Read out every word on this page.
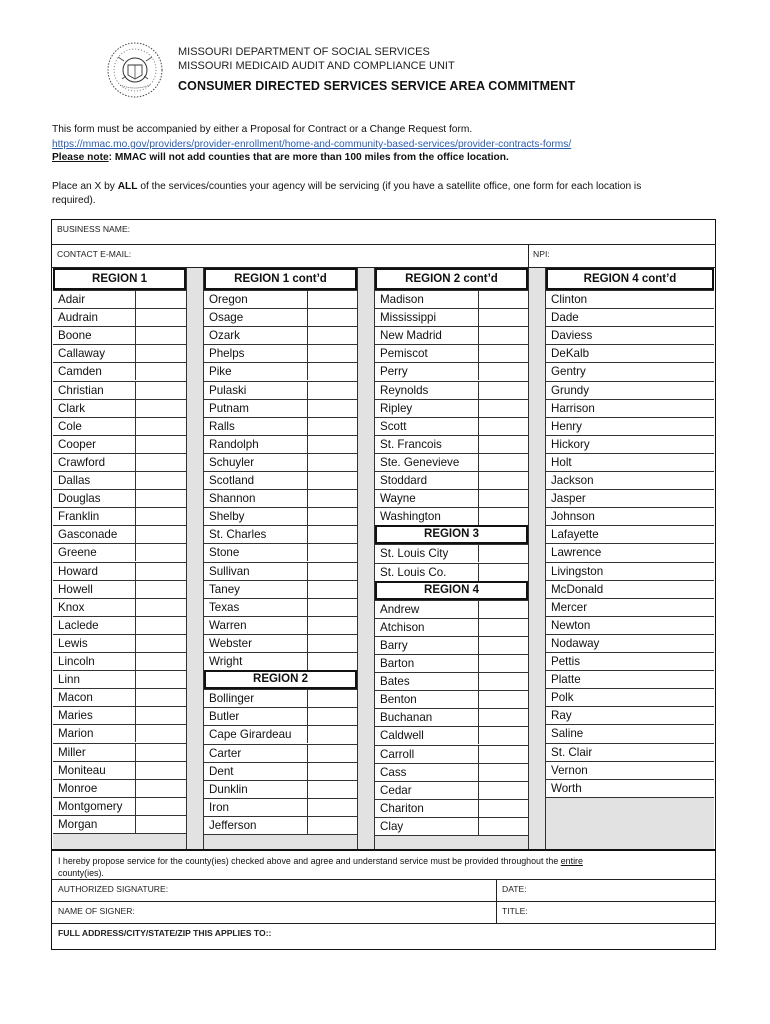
MISSOURI DEPARTMENT OF SOCIAL SERVICES
MISSOURI MEDICAID AUDIT AND COMPLIANCE UNIT
CONSUMER DIRECTED SERVICES SERVICE AREA COMMITMENT
This form must be accompanied by either a Proposal for Contract or a Change Request form.
https://mmac.mo.gov/providers/provider-enrollment/home-and-community-based-services/provider-contracts-forms/
Please note: MMAC will not add counties that are more than 100 miles from the office location.
Place an X by ALL of the services/counties your agency will be servicing (if you have a satellite office, one form for each location is
required).
BUSINESS NAME:
CONTACT E-MAIL:	NPI:
REGION 1
Adair
Audrain
Boone
Callaway
Camden
Christian
Clark
Cole
Cooper
Crawford
Dallas
Douglas
Franklin
Gasconade
Greene
Howard
Howell
Knox
Laclede
Lewis
Lincoln
Linn
Macon
Maries
Marion
Miller
Moniteau
Monroe
Montgomery
Morgan
REGION 1 cont’d
Oregon
Osage
Ozark
Phelps
Pike
Pulaski
Putnam
Ralls
Randolph
Schuyler
Scotland
Shannon
Shelby
St. Charles
Stone
Sullivan
Taney
Texas
Warren
Webster
Wright
REGION 2
Bollinger
Butler
Cape Girardeau
Carter
Dent
Dunklin
Iron
Jefferson
REGION 2 cont’d
Madison
Mississippi
New Madrid
Pemiscot
Perry
Reynolds
Ripley
Scott
St. Francois
Ste. Genevieve
Stoddard
Wayne
Washington
REGION 3
St. Louis City
St. Louis Co.
REGION 4
Andrew
Atchison
Barry
Barton
Bates
Benton
Buchanan
Caldwell
Carroll
Cass
Cedar
Chariton
Clay
REGION 4 cont’d
Clinton
Dade
Daviess
DeKalb
Gentry
Grundy
Harrison
Henry
Hickory
Holt
Jackson
Jasper
Johnson
Lafayette
Lawrence
Livingston
McDonald
Mercer
Newton
Nodaway
Pettis
Platte
Polk
Ray
Saline
St. Clair
Vernon
Worth
I hereby propose service for the county(ies) checked above and agree and understand service must be provided throughout the entire
county(ies).
AUTHORIZED SIGNATURE:	DATE:
NAME OF SIGNER:	TITLE:
FULL ADDRESS/CITY/STATE/ZIP THIS APPLIES TO::
